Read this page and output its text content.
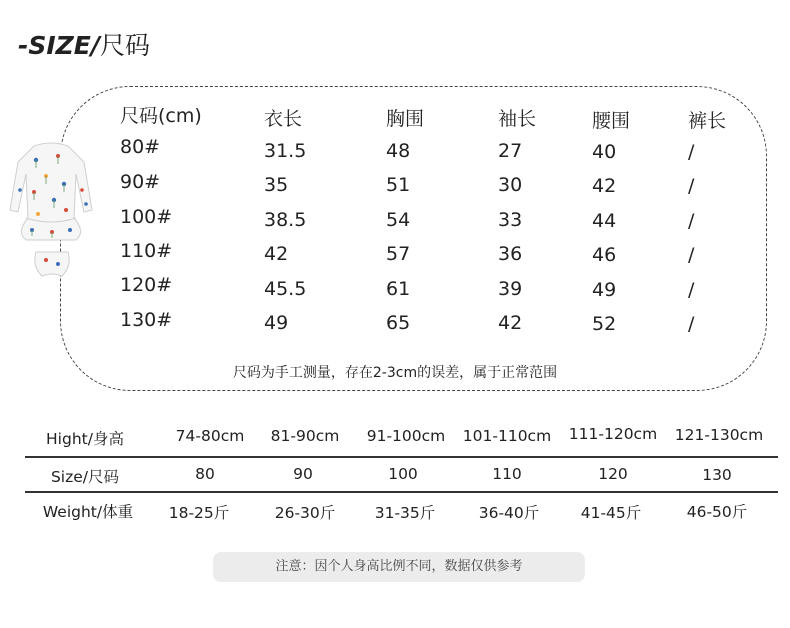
-SIZE/尺码
尺码(cm)	衣长	胸围	袖长	腰围	裤长
80#	31.5	48	27	40	/
90#	35	51	30	42	/
100#	38.5	54	33	44	/
110#	42	57	36	46	/
120#	45.5	61	39	49	/
130#	49	65	42	52	/
尺码为手工测量，存在2-3cm的误差，属于正常范围
Hight/身高	74-80cm	81-90cm	91-100cm	101-110cm	111-120cm	121-130cm
Size/尺码	80	90	100	110	120	130
Weight/体重	18-25斤	26-30斤	31-35斤	36-40斤	41-45斤	46-50斤
注意：因个人身高比例不同，数据仅供参考
